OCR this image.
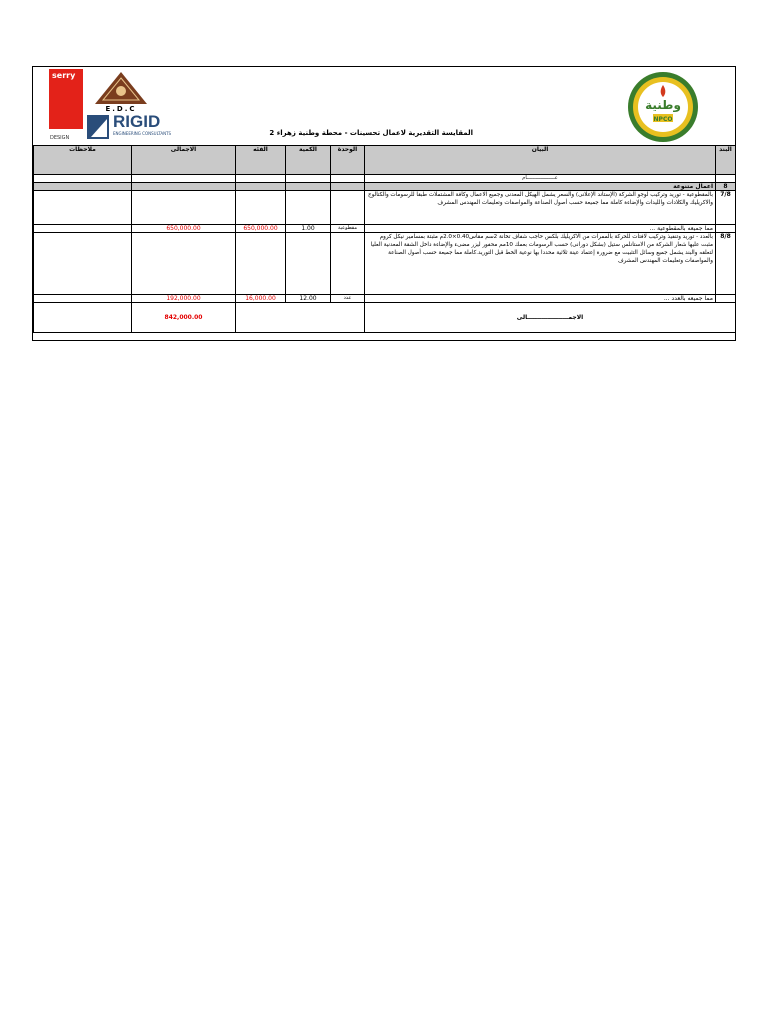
serry
DESIGN
E.D.C
RIGID
ENGINEERING CONSULTANTS
وطنية
NPCO
المقايسة التقديرية لاعمال تحسينات - محطة وطنية زهراء 2
ملاحظات	الاجمالى	الفئه	الكمية	الوحدة	البيان	البند
					عـــــــــــــــــــام	
					اعمال متنوعة	8
					بالمقطوعية - توريد وتركيب لوجو الشركة (الإستاند الإعلانى) والسعر يشمل الهيكل المعدنى وجميع الاعمال وكافة المشتملات طبقا للرسومات والكتالوج والاكريليك والكلادات والليدات والإضاءة كاملة مما جميعة حسب أصول الصناعة والمواصفات وتعليمات المهندس المشرف	7/8
	650,000.00	650,000.00	1.00	مقطوعية	مما جميعه بالمقطوعية ...	
					بالعدد - توريد وتنفيذ وتركيب لافتات للحركة بالممرات من الاكريليك بلكس حاجب شفاف تخانة 2سم مقاس0.40×2.0م مثبتة بمسامير نيكل كروم مثبت عليها شعار الشركة من الاستانلس ستيل (بشكل دورانى) حسب الرسومات بعمك 10مم محفور ليزر مضىء والإضاءة داخل الشقة المعدنية العليا لتعلقه والبند يشمل جميع وسائل التثبيت مع ضرورة إعتماد عينة ثلاثية محددا بها نوعية الخط قبل التوريد.كاملة مما جميعة حسب أصول الصناعة والمواصفات وتعليمات المهندس المشرف	8/8
	192,000.00	16,000.00	12.00	عدد	مما جميعه بالعدد ...	
	842,000.00				الاجمــــــــــــــــــــالى	
